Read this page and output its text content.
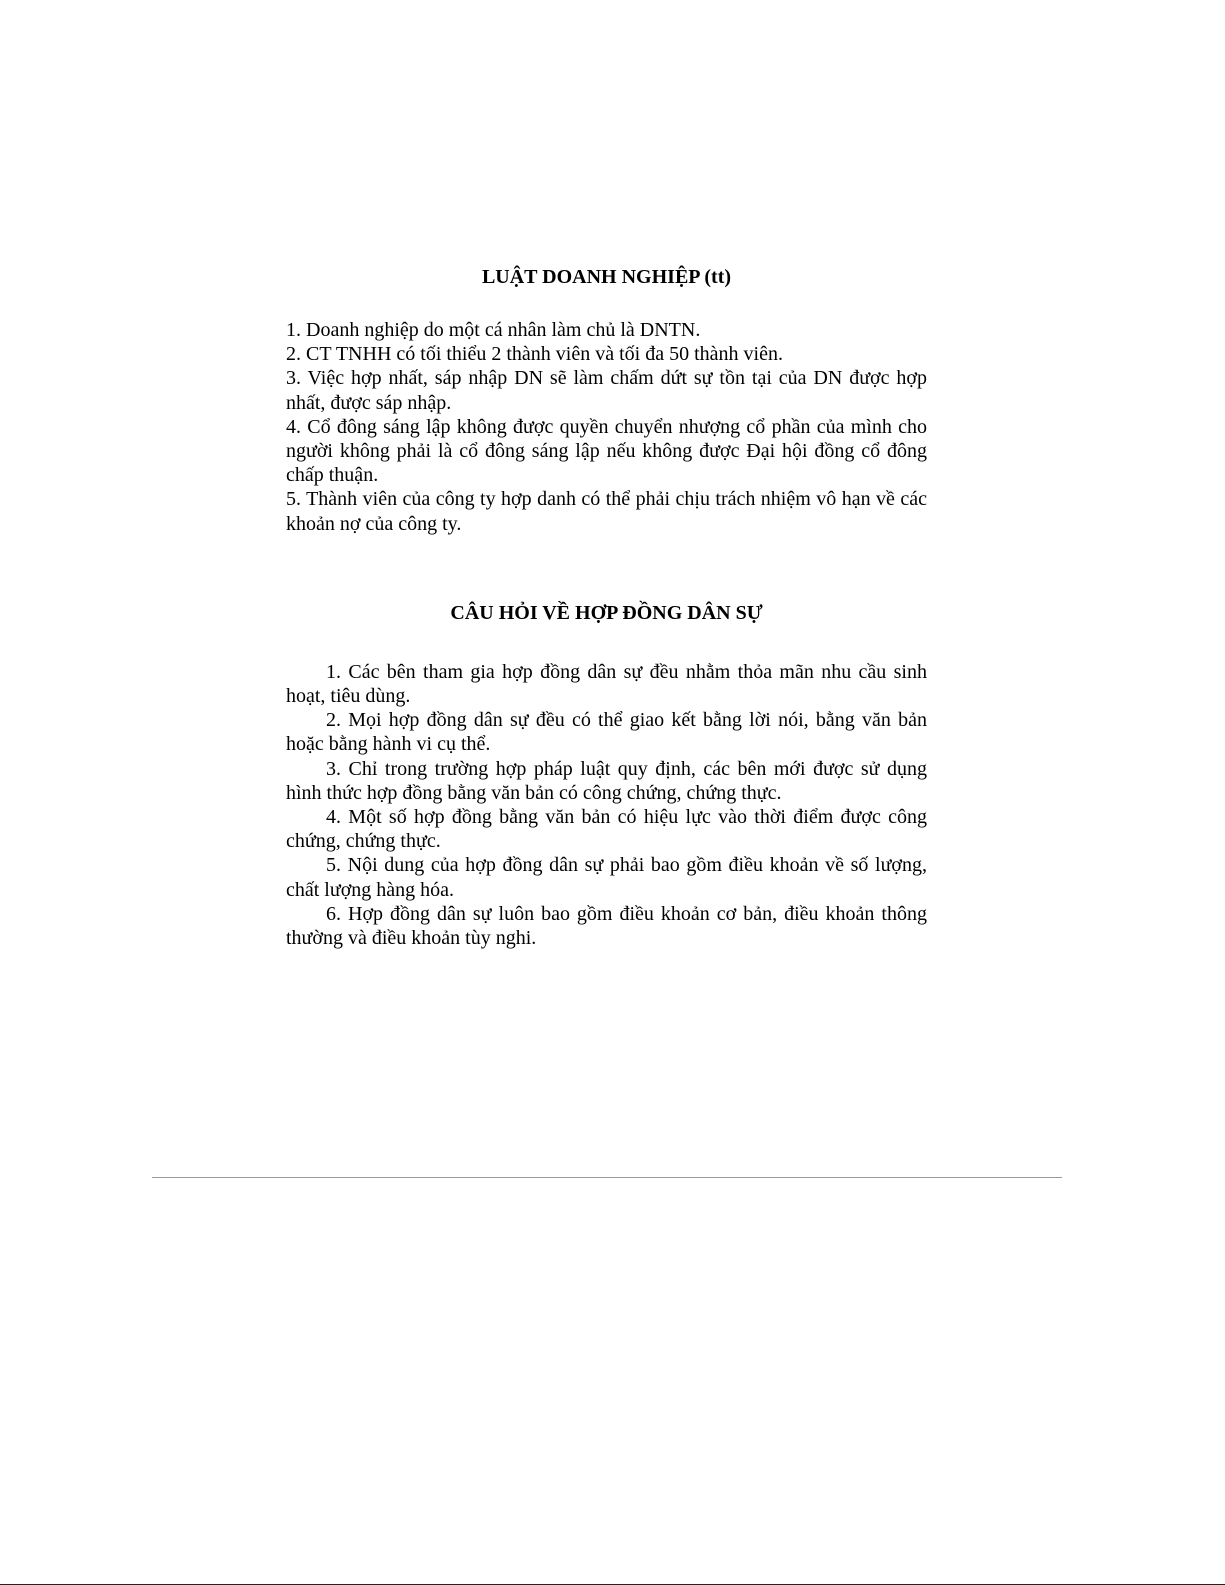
LUẬT DOANH NGHIỆP (tt)

1. Doanh nghiệp do một cá nhân làm chủ là DNTN.

2. CT TNHH có tối thiểu 2 thành viên và tối đa 50 thành viên.

3. Việc hợp nhất, sáp nhập DN sẽ làm chấm dứt sự tồn tại của DN được hợp nhất, được sáp nhập.

4. Cổ đông sáng lập không được quyền chuyển nhượng cổ phần của mình cho người không phải là cổ đông sáng lập nếu không được Đại hội đồng cổ đông chấp thuận.

5. Thành viên của công ty hợp danh có thể phải chịu trách nhiệm vô hạn về các khoản nợ của công ty.

CÂU HỎI VỀ HỢP ĐỒNG DÂN SỰ

1. Các bên tham gia hợp đồng dân sự đều nhằm thỏa mãn nhu cầu sinh hoạt, tiêu dùng.

2. Mọi hợp đồng dân sự đều có thể giao kết bằng lời nói, bằng văn bản hoặc bằng hành vi cụ thể.

3. Chỉ trong trường hợp pháp luật quy định, các bên mới được sử dụng hình thức hợp đồng bằng văn bản có công chứng, chứng thực.

4. Một số hợp đồng bằng văn bản có hiệu lực vào thời điểm được công chứng, chứng thực.

5. Nội dung của hợp đồng dân sự phải bao gồm điều khoản về số lượng, chất lượng hàng hóa.

6. Hợp đồng dân sự luôn bao gồm điều khoản cơ bản, điều khoản thông thường và điều khoản tùy nghi.
